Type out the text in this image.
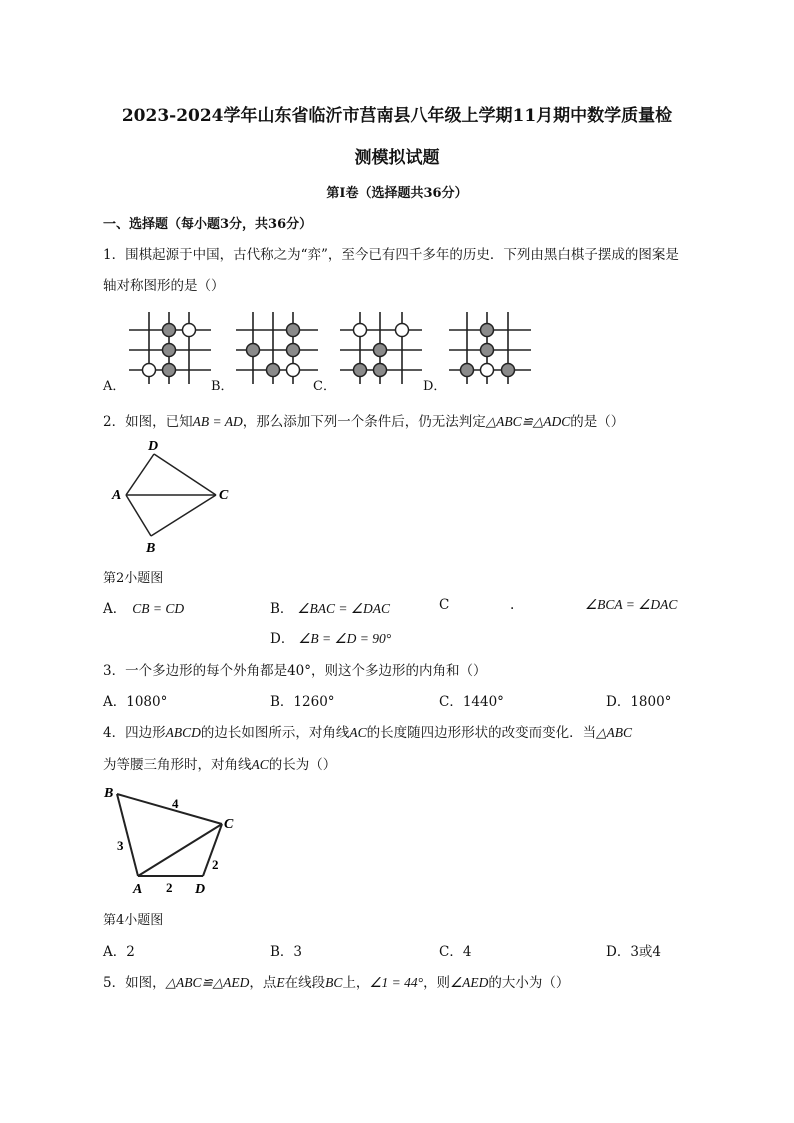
2023-2024学年山东省临沂市莒南县八年级上学期11月期中数学质量检
测模拟试题
第Ⅰ卷（选择题共36分）
一、选择题（每小题3分，共36分）
1．围棋起源于中国，古代称之为“弈”，至今已有四千多年的历史．下列由黑白棋子摆成的图案是
轴对称图形的是（）
A．	B．	C．	D．
2．如图，已知AB = AD，那么添加下列一个条件后，仍无法判定△ABC≌△ADC的是（）
D
A	C
B
第2小题图
A． CB = CD	B． ∠BAC = ∠DAC	C	.	∠BCA = ∠DAC
D． ∠B = ∠D = 90°
3．一个多边形的每个外角都是40°，则这个多边形的内角和（）
A．1080°	B．1260°	C．1440°	D．1800°
4．四边形ABCD的边长如图所示，对角线AC的长度随四边形形状的改变而变化．当△ABC
为等腰三角形时，对角线AC的长为（）
B
C
A	D
4
3
2
2
第4小题图
A．2	B．3	C．4	D．3或4
5．如图，△ABC≌△AED，点E在线段BC上，∠1 = 44°，则∠AED的大小为（）
